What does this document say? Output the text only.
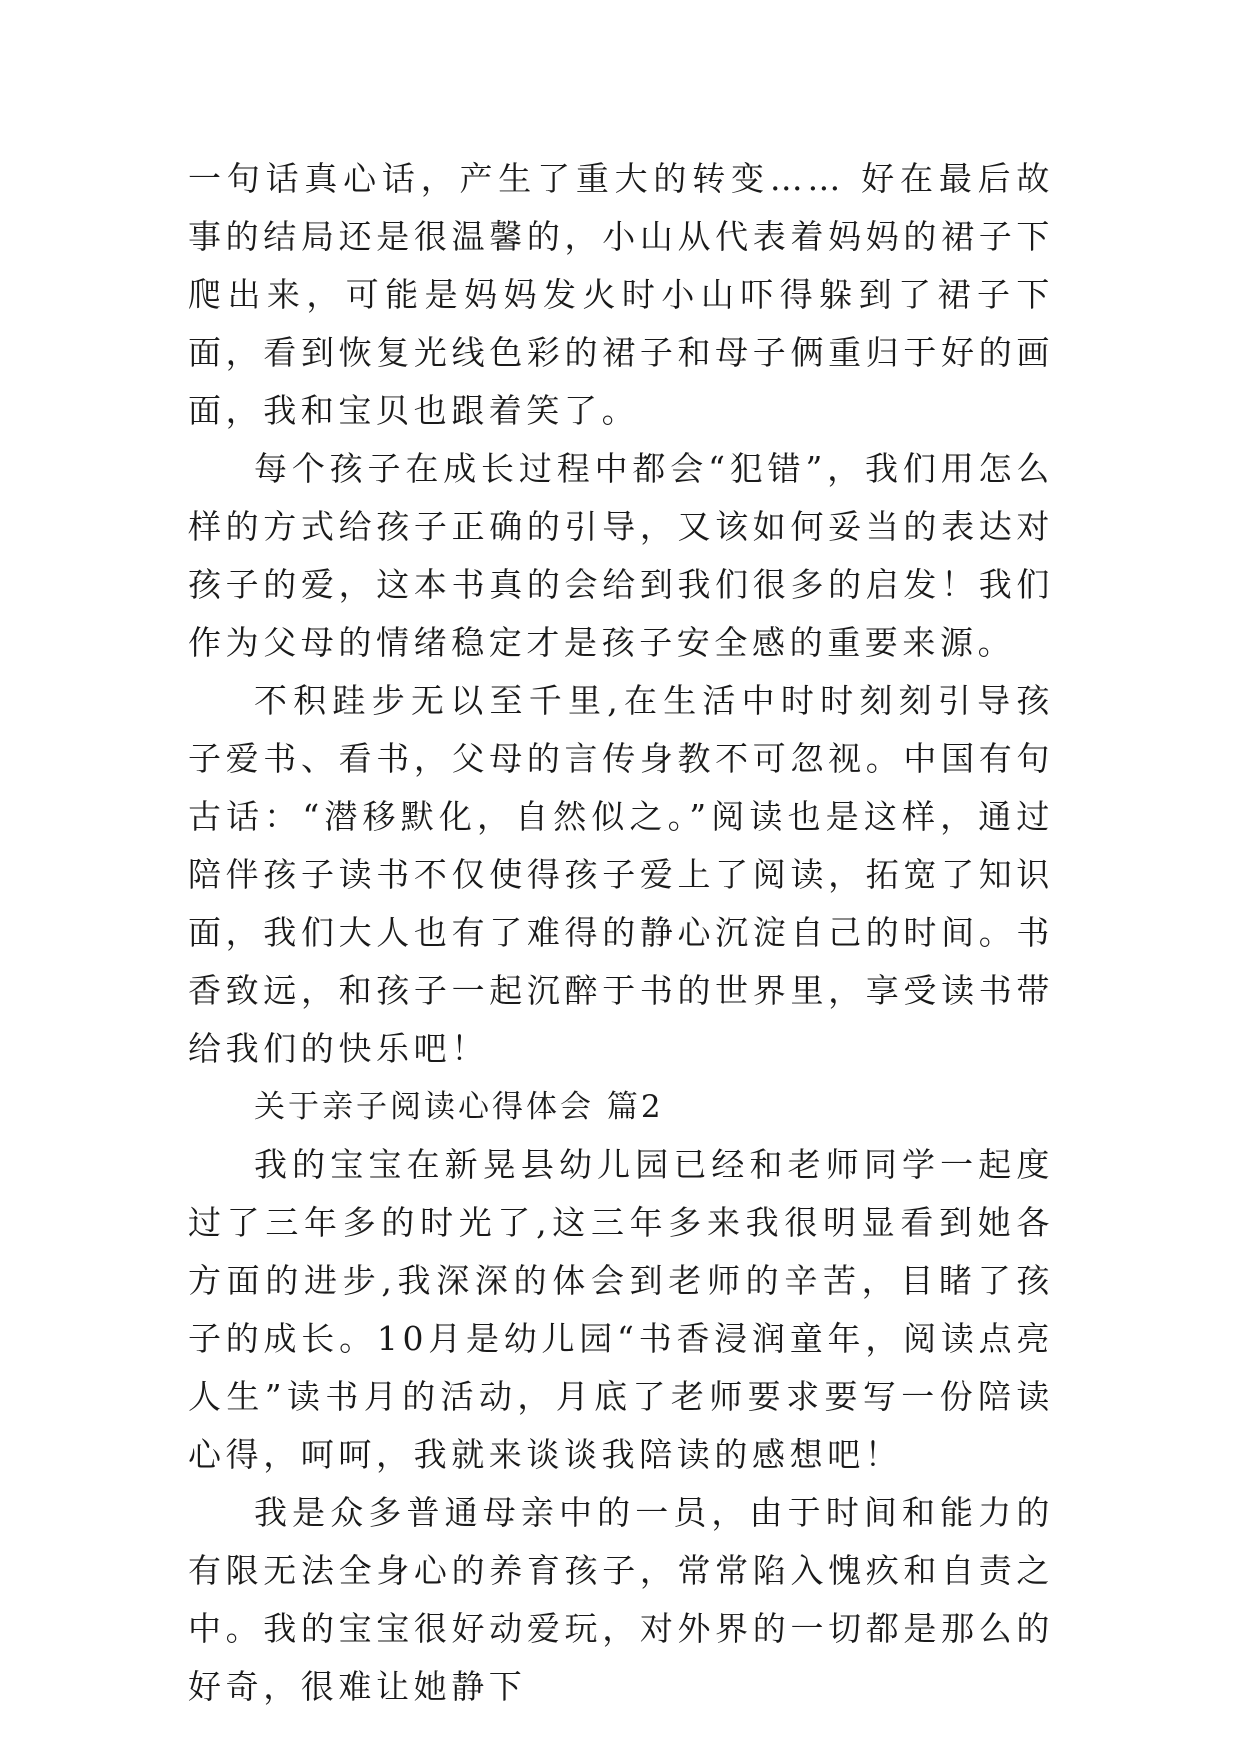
一句话真心话，产生了重大的转变…… 好在最后故事的结局还是很温馨的，小山从代表着妈妈的裙子下爬出来，可能是妈妈发火时小山吓得躲到了裙子下面，看到恢复光线色彩的裙子和母子俩重归于好的画面，我和宝贝也跟着笑了。

每个孩子在成长过程中都会“犯错”，我们用怎么样的方式给孩子正确的引导，又该如何妥当的表达对孩子的爱，这本书真的会给到我们很多的启发！我们作为父母的情绪稳定才是孩子安全感的重要来源。

不积跬步无以至千里,在生活中时时刻刻引导孩子爱书、看书，父母的言传身教不可忽视。中国有句古话：“潜移默化，自然似之。”阅读也是这样，通过陪伴孩子读书不仅使得孩子爱上了阅读，拓宽了知识面，我们大人也有了难得的静心沉淀自己的时间。书香致远，和孩子一起沉醉于书的世界里，享受读书带给我们的快乐吧！

关于亲子阅读心得体会 篇2

我的宝宝在新晃县幼儿园已经和老师同学一起度过了三年多的时光了,这三年多来我很明显看到她各方面的进步,我深深的体会到老师的辛苦，目睹了孩子的成长。10月是幼儿园“书香浸润童年，阅读点亮人生”读书月的活动，月底了老师要求要写一份陪读心得，呵呵，我就来谈谈我陪读的感想吧！

我是众多普通母亲中的一员，由于时间和能力的有限无法全身心的养育孩子，常常陷入愧疚和自责之中。我的宝宝很好动爱玩，对外界的一切都是那么的好奇，很难让她静下
